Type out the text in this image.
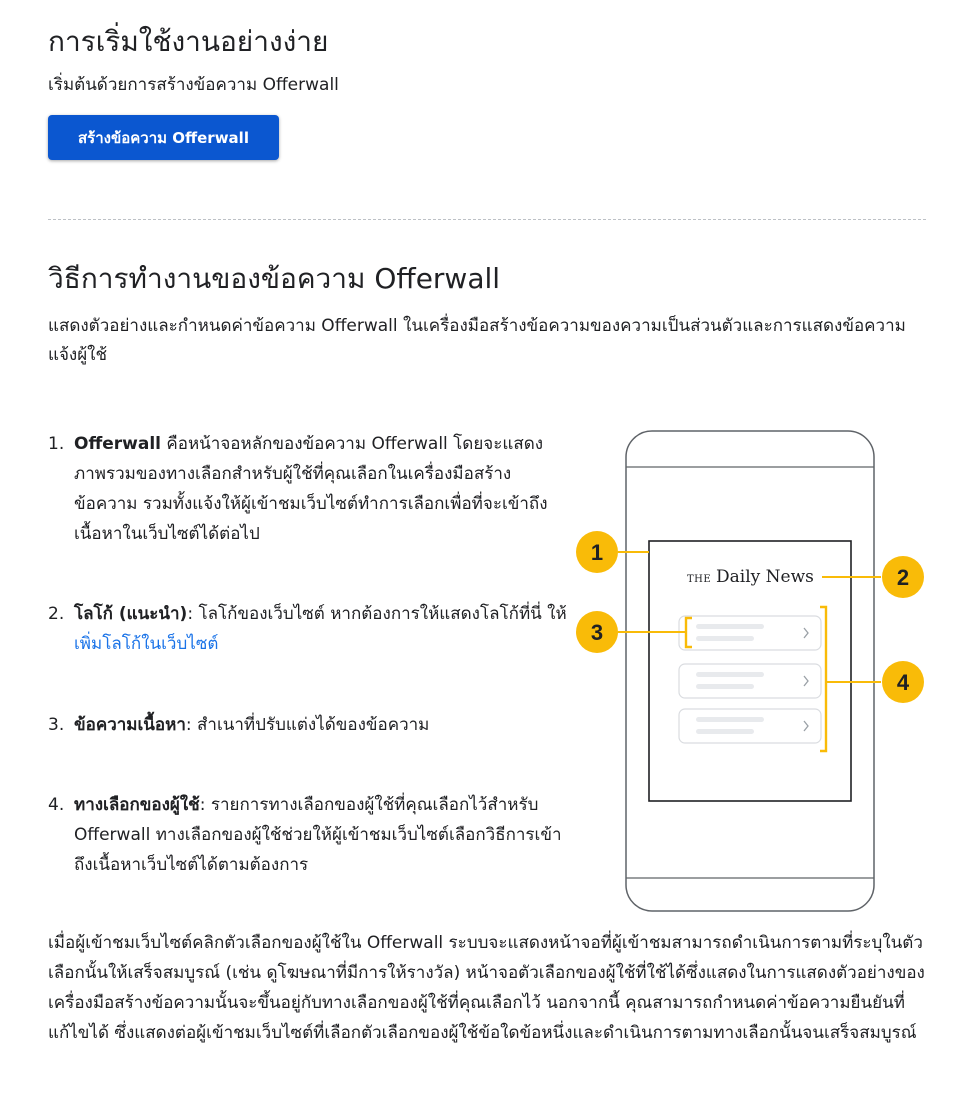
การเริ่มใช้งานอย่างง่าย
เริ่มต้นด้วยการสร้างข้อความ Offerwall
สร้างข้อความ Offerwall
วิธีการทำงานของข้อความ Offerwall
แสดงตัวอย่างและกำหนดค่าข้อความ Offerwall ในเครื่องมือสร้างข้อความของความเป็นส่วนตัวและการแสดงข้อความแจ้งผู้ใช้
1. Offerwall คือหน้าจอหลักของข้อความ Offerwall โดยจะแสดงภาพรวมของทางเลือกสำหรับผู้ใช้ที่คุณเลือกในเครื่องมือสร้างข้อความ รวมทั้งแจ้งให้ผู้เข้าชมเว็บไซต์ทำการเลือกเพื่อที่จะเข้าถึงเนื้อหาในเว็บไซต์ได้ต่อไป
2. โลโก้ (แนะนำ): โลโก้ของเว็บไซต์ หากต้องการให้แสดงโลโก้ที่นี่ ให้เพิ่มโลโก้ในเว็บไซต์
3. ข้อความเนื้อหา: สำเนาที่ปรับแต่งได้ของข้อความ
4. ทางเลือกของผู้ใช้: รายการทางเลือกของผู้ใช้ที่คุณเลือกไว้สำหรับ Offerwall ทางเลือกของผู้ใช้ช่วยให้ผู้เข้าชมเว็บไซต์เลือกวิธีการเข้าถึงเนื้อหาเว็บไซต์ได้ตามต้องการ
THE Daily News
1
2
3
4
เมื่อผู้เข้าชมเว็บไซต์คลิกตัวเลือกของผู้ใช้ใน Offerwall ระบบจะแสดงหน้าจอที่ผู้เข้าชมสามารถดำเนินการตามที่ระบุในตัวเลือกนั้นให้เสร็จสมบูรณ์ (เช่น ดูโฆษณาที่มีการให้รางวัล) หน้าจอตัวเลือกของผู้ใช้ที่ใช้ได้ซึ่งแสดงในการแสดงตัวอย่างของเครื่องมือสร้างข้อความนั้นจะขึ้นอยู่กับทางเลือกของผู้ใช้ที่คุณเลือกไว้ นอกจากนี้ คุณสามารถกำหนดค่าข้อความยืนยันที่แก้ไขได้ ซึ่งแสดงต่อผู้เข้าชมเว็บไซต์ที่เลือกตัวเลือกของผู้ใช้ข้อใดข้อหนึ่งและดำเนินการตามทางเลือกนั้นจนเสร็จสมบูรณ์
